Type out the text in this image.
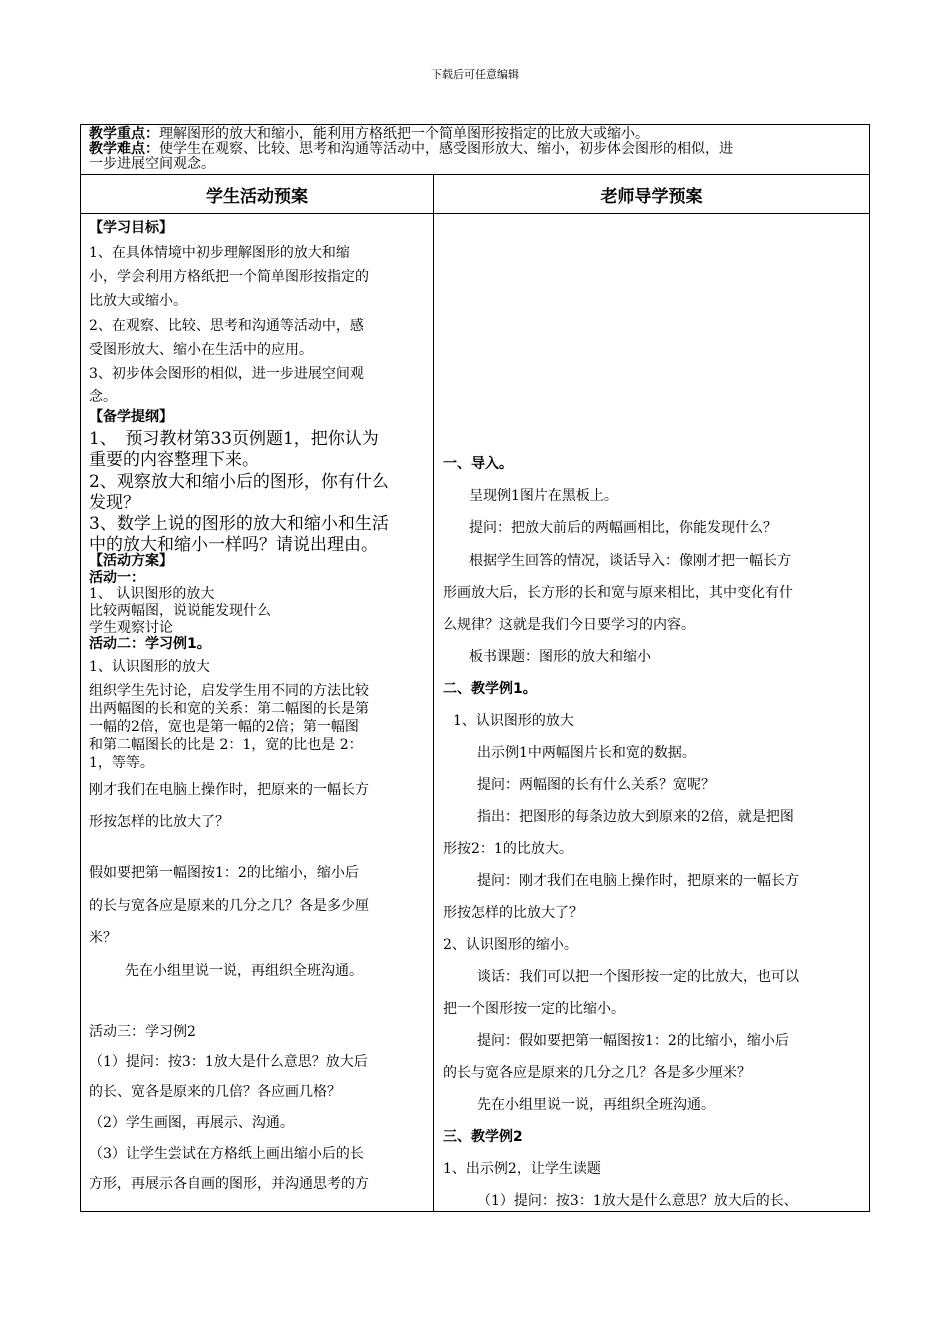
下载后可任意编辑
教学重点：理解图形的放大和缩小，能利用方格纸把一个简单图形按指定的比放大或缩小。
教学难点：使学生在观察、比较、思考和沟通等活动中，感受图形放大、缩小，初步体会图形的相似，进
一步进展空间观念。
学生活动预案	老师导学预案
【学习目标】
1、在具体情境中初步理解图形的放大和缩
小，学会利用方格纸把一个简单图形按指定的
比放大或缩小。
2、在观察、比较、思考和沟通等活动中，感
受图形放大、缩小在生活中的应用。
3、初步体会图形的相似，进一步进展空间观
念。
【备学提纲】
1、　预习教材第33页例题1，把你认为
重要的内容整理下来。
2、观察放大和缩小后的图形，你有什么
发现？
3、数学上说的图形的放大和缩小和生活
中的放大和缩小一样吗？请说出理由。
【活动方案】
活动一：
1、 认识图形的放大
比较两幅图，说说能发现什么
学生观察讨论
活动二：学习例1。
1、认识图形的放大
组织学生先讨论，启发学生用不同的方法比较
出两幅图的长和宽的关系：第二幅图的长是第
一幅的2倍，宽也是第一幅的2倍；第一幅图
和第二幅图长的比是 2：1，宽的比也是 2：
1，等等。
刚才我们在电脑上操作时，把原来的一幅长方
形按怎样的比放大了？
假如要把第一幅图按1：2的比缩小，缩小后
的长与宽各应是原来的几分之几？各是多少厘
米？
先在小组里说一说，再组织全班沟通。
活动三：学习例2
（1）提问：按3：1放大是什么意思？放大后
的长、宽各是原来的几倍？各应画几格？
（2）学生画图，再展示、沟通。
（3）让学生尝试在方格纸上画出缩小后的长
方形，再展示各自画的图形，并沟通思考的方
一、导入。
呈现例1图片在黑板上。
提问：把放大前后的两幅画相比，你能发现什么？
根据学生回答的情况，谈话导入：像刚才把一幅长方
形画放大后，长方形的长和宽与原来相比，其中变化有什
么规律？这就是我们今日要学习的内容。
板书课题：图形的放大和缩小
二、教学例1。
1、认识图形的放大
出示例1中两幅图片长和宽的数据。
提问：两幅图的长有什么关系？宽呢？
指出：把图形的每条边放大到原来的2倍，就是把图
形按2：1的比放大。
提问：刚才我们在电脑上操作时，把原来的一幅长方
形按怎样的比放大了？
2、认识图形的缩小。
谈话：我们可以把一个图形按一定的比放大，也可以
把一个图形按一定的比缩小。
提问：假如要把第一幅图按1：2的比缩小，缩小后
的长与宽各应是原来的几分之几？各是多少厘米？
先在小组里说一说，再组织全班沟通。
三、教学例2
1、出示例2，让学生读题
（1）提问：按3：1放大是什么意思？放大后的长、
